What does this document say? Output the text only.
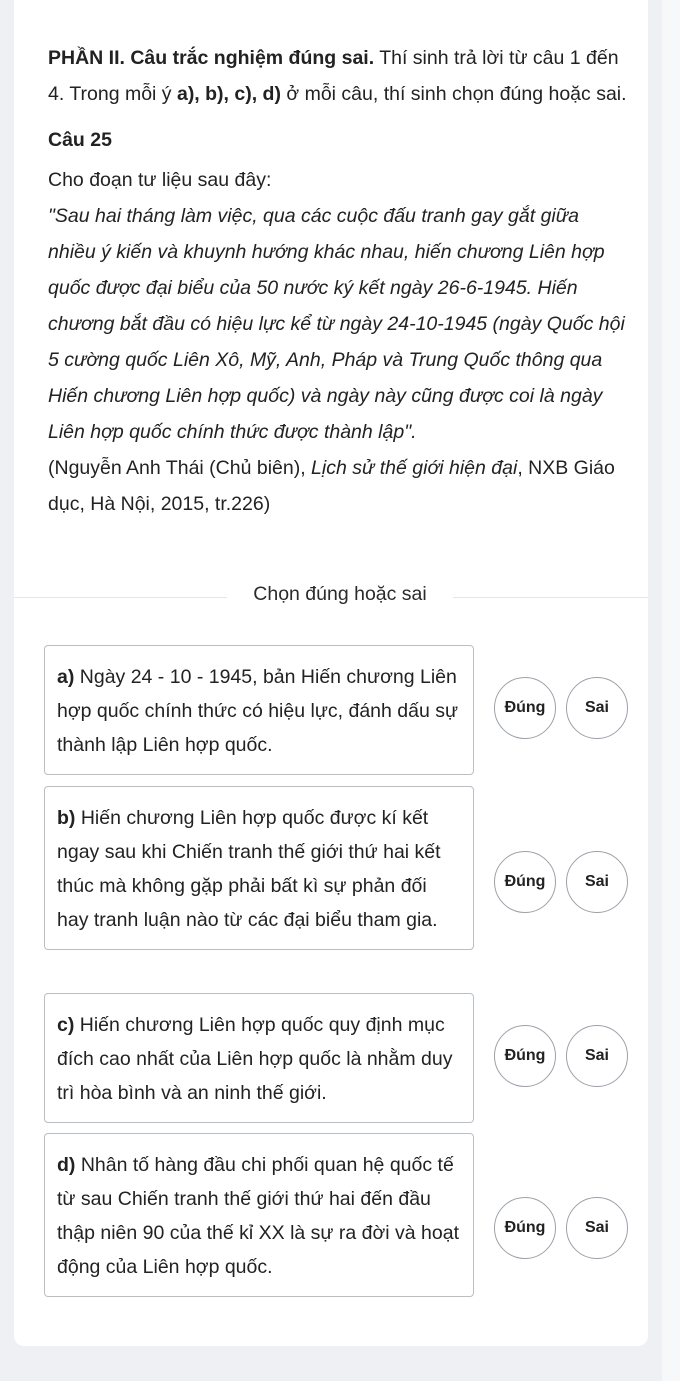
PHẦN II. Câu trắc nghiệm đúng sai. Thí sinh trả lời từ câu 1 đến 4. Trong mỗi ý a), b), c), d) ở mỗi câu, thí sinh chọn đúng hoặc sai.

Câu 25

Cho đoạn tư liệu sau đây:

"Sau hai tháng làm việc, qua các cuộc đấu tranh gay gắt giữa nhiều ý kiến và khuynh hướng khác nhau, hiến chương Liên hợp quốc được đại biểu của 50 nước ký kết ngày 26-6-1945. Hiến chương bắt đầu có hiệu lực kể từ ngày 24-10-1945 (ngày Quốc hội 5 cường quốc Liên Xô, Mỹ, Anh, Pháp và Trung Quốc thông qua Hiến chương Liên hợp quốc) và ngày này cũng được coi là ngày Liên hợp quốc chính thức được thành lập".

(Nguyễn Anh Thái (Chủ biên), Lịch sử thế giới hiện đại, NXB Giáo dục, Hà Nội, 2015, tr.226)

Chọn đúng hoặc sai
a) Ngày 24 - 10 - 1945, bản Hiến chương Liên hợp quốc chính thức có hiệu lực, đánh dấu sự thành lập Liên hợp quốc.
Đúng	Sai
b) Hiến chương Liên hợp quốc được kí kết ngay sau khi Chiến tranh thế giới thứ hai kết thúc mà không gặp phải bất kì sự phản đối hay tranh luận nào từ các đại biểu tham gia.
Đúng	Sai
c) Hiến chương Liên hợp quốc quy định mục đích cao nhất của Liên hợp quốc là nhằm duy trì hòa bình và an ninh thế giới.
Đúng	Sai
d) Nhân tố hàng đầu chi phối quan hệ quốc tế từ sau Chiến tranh thế giới thứ hai đến đầu thập niên 90 của thế kỉ XX là sự ra đời và hoạt động của Liên hợp quốc.
Đúng	Sai
